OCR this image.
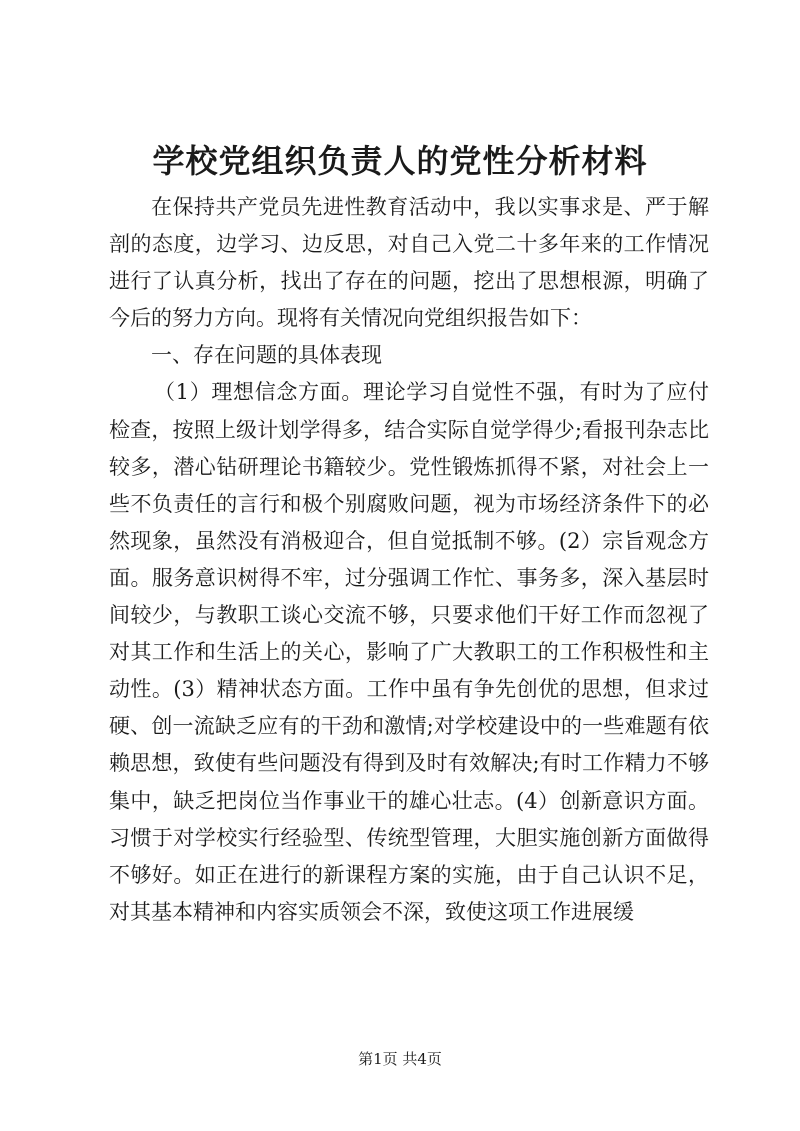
学校党组织负责人的党性分析材料

在保持共产党员先进性教育活动中，我以实事求是、严于解剖的态度，边学习、边反思，对自己入党二十多年来的工作情况进行了认真分析，找出了存在的问题，挖出了思想根源，明确了今后的努力方向。现将有关情况向党组织报告如下：

一、存在问题的具体表现

（1）理想信念方面。理论学习自觉性不强，有时为了应付检查，按照上级计划学得多，结合实际自觉学得少;看报刊杂志比较多，潜心钻研理论书籍较少。党性锻炼抓得不紧，对社会上一些不负责任的言行和极个别腐败问题，视为市场经济条件下的必然现象，虽然没有消极迎合，但自觉抵制不够。(2）宗旨观念方面。服务意识树得不牢，过分强调工作忙、事务多，深入基层时间较少，与教职工谈心交流不够，只要求他们干好工作而忽视了对其工作和生活上的关心，影响了广大教职工的工作积极性和主动性。(3）精神状态方面。工作中虽有争先创优的思想，但求过硬、创一流缺乏应有的干劲和激情;对学校建设中的一些难题有依赖思想，致使有些问题没有得到及时有效解决;有时工作精力不够集中，缺乏把岗位当作事业干的雄心壮志。(4）创新意识方面。习惯于对学校实行经验型、传统型管理，大胆实施创新方面做得不够好。如正在进行的新课程方案的实施，由于自己认识不足，对其基本精神和内容实质领会不深，致使这项工作进展缓

第1页 共4页
